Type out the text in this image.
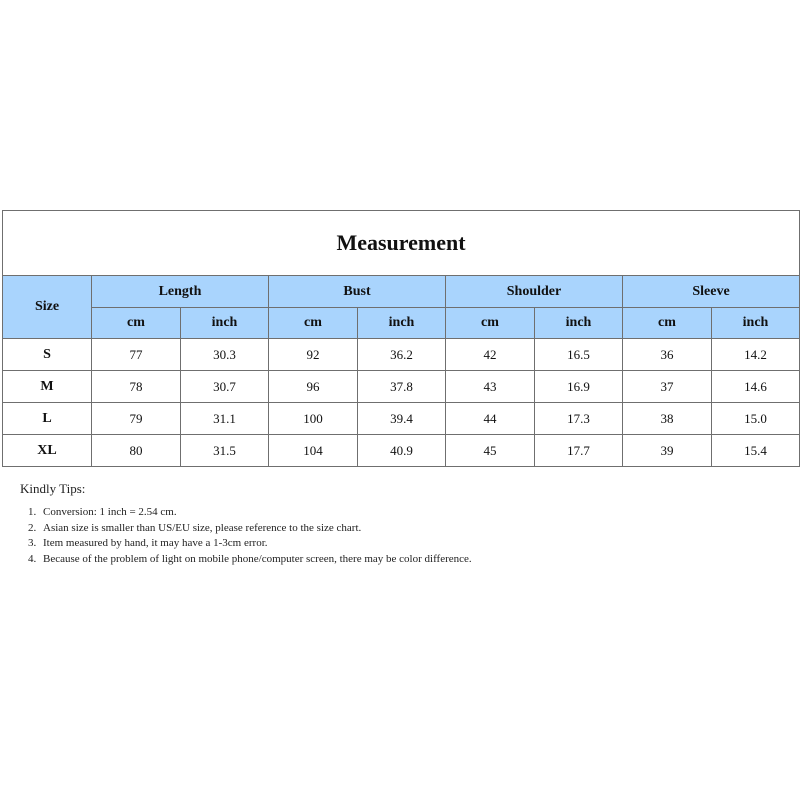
Measurement								
Size	Length		Bust		Shoulder		Sleeve	
	cm	inch	cm	inch	cm	inch	cm	inch
S	77	30.3	92	36.2	42	16.5	36	14.2
M	78	30.7	96	37.8	43	16.9	37	14.6
L	79	31.1	100	39.4	44	17.3	38	15.0
XL	80	31.5	104	40.9	45	17.7	39	15.4

Kindly Tips:

1. Conversion: 1 inch = 2.54 cm.
2. Asian size is smaller than US/EU size, please reference to the size chart.
3. Item measured by hand, it may have a 1-3cm error.
4. Because of the problem of light on mobile phone/computer screen, there may be color difference.
